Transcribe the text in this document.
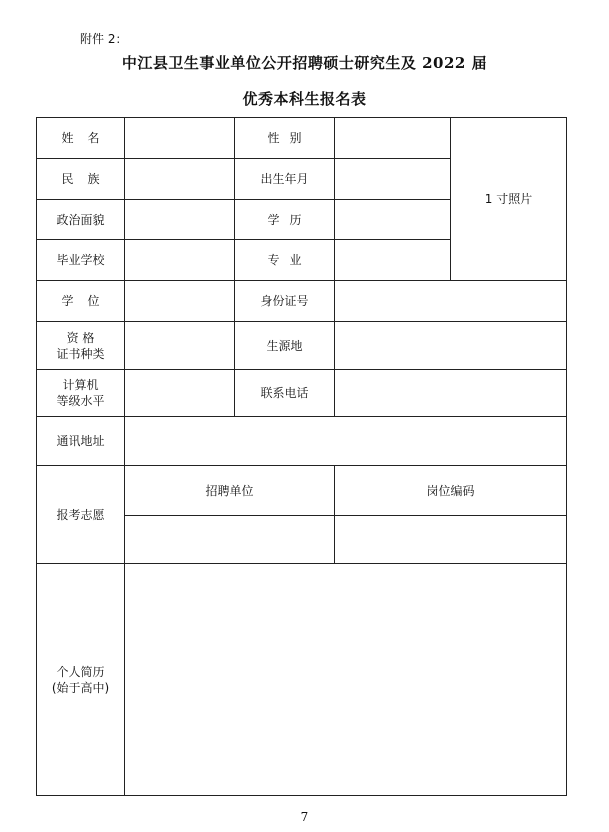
附件 2：
中江县卫生事业单位公开招聘硕士研究生及 2022 届
优秀本科生报名表
姓名		性别		1 寸照片
民族		出生年月		
政治面貌		学历		
毕业学校		专业		
学位		身份证号		

资 格
证书种类		生源地		

计算机
等级水平		联系电话		
通讯地址				
报考志愿	招聘单位		岗位编码	

个人简历
(始于高中)				

7
